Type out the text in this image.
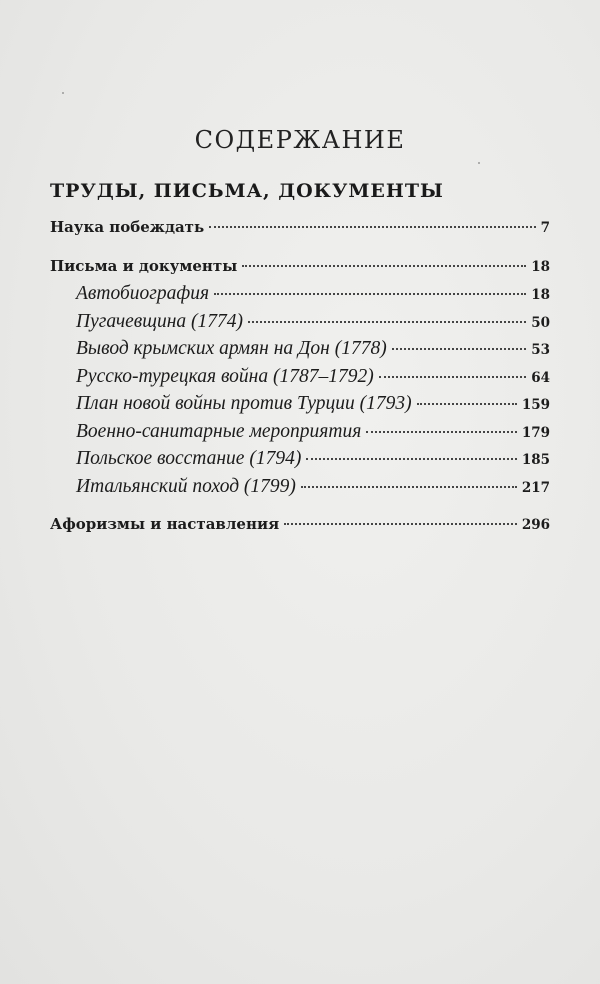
СОДЕРЖАНИЕ
ТРУДЫ, ПИСЬМА, ДОКУМЕНТЫ
Наука побеждать	7
Письма и документы	18
Автобиография	18
Пугачевщина (1774)	50
Вывод крымских армян на Дон (1778)	53
Русско-турецкая война (1787–1792)	64
План новой войны против Турции (1793)	159
Военно-санитарные мероприятия	179
Польское восстание (1794)	185
Итальянский поход (1799)	217
Афоризмы и наставления	296
